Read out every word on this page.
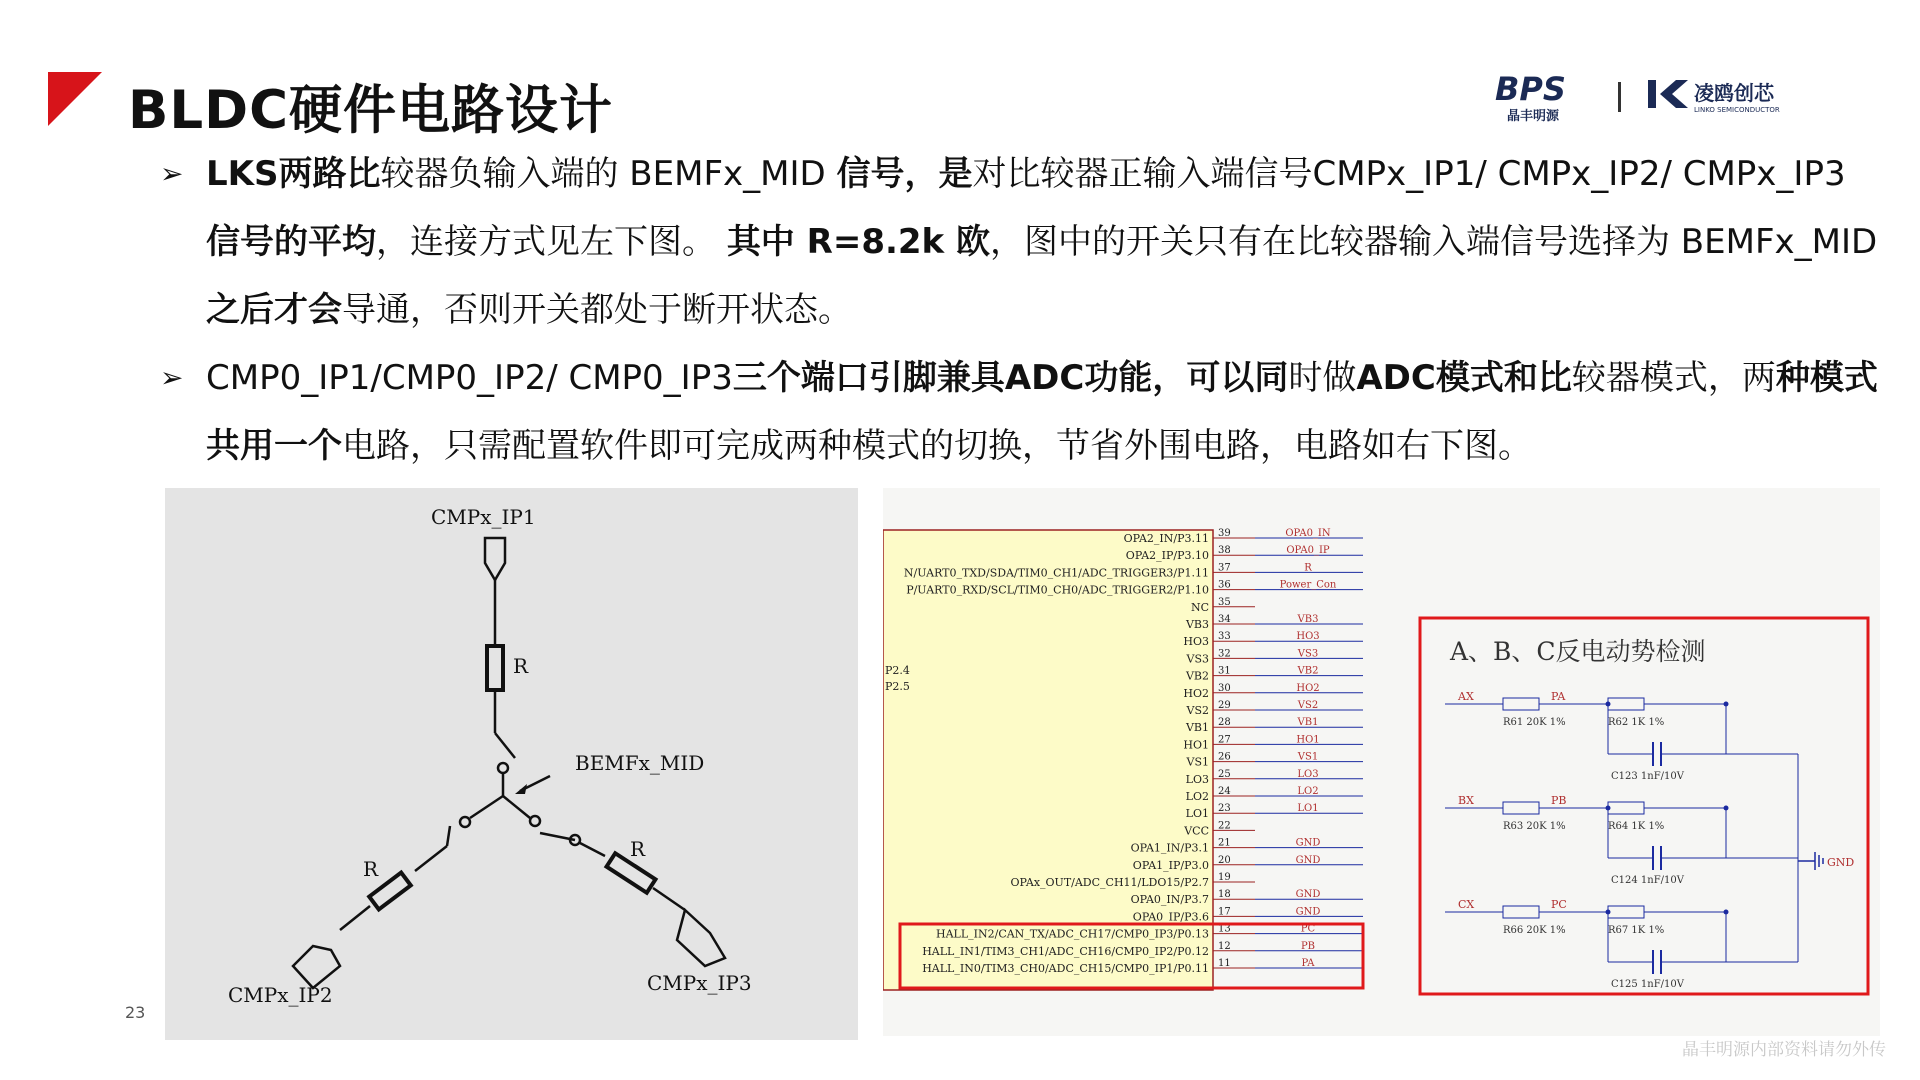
BLDC硬件电路设计	BPS
晶丰明源
凌鸥创芯
LINKO SEMICONDUCTOR
➢ LKS两路比较器负输入端的 BEMFx_MID 信号，是对比较器正输入端信号CMPx_IP1/ CMPx_IP2/ CMPx_IP3 信号的平均，连接方式见左下图。 其中 R=8.2k 欧，图中的开关只有在比较器输入端信号选择为 BEMFx_MID 之后才会导通，否则开关都处于断开状态。
➢ CMP0_IP1/CMP0_IP2/ CMP0_IP3三个端口引脚兼具ADC功能，可以同时做ADC模式和比较器模式，两种模式共用一个电路，只需配置软件即可完成两种模式的切换，节省外围电路，电路如右下图。
CMPx_IP1
R
BEMFx_MID
R
R
CMPx_IP2	CMPx_IP3
OPA2_IN/P3.11 39	OPA0_IN
OPA2_IP/P3.10 38	OPA0_IP
N/UART0_TXD/SDA/TIM0_CH1/ADC_TRIGGER3/P1.11 37	R
P/UART0_RXD/SCL/TIM0_CH0/ADC_TRIGGER2/P1.10 36	Power_Con
NC 35
VB3 34	VB3
HO3 33	HO3
VS3 32	VS3
VB2 31	VB2
HO2 30	HO2
VS2 29	VS2
VB1 28	VB1
HO1 27	HO1
VS1 26	VS1
LO3 25	LO3
LO2 24	LO2
LO1 23	LO1
VCC 22
OPA1_IN/P3.1 21	GND
OPA1_IP/P3.0 20	GND
OPAx_OUT/ADC_CH11/LDO15/P2.7 19
OPA0_IN/P3.7 18	GND
OPA0_IP/P3.6 17	GND
HALL_IN2/CAN_TX/ADC_CH17/CMP0_IP3/P0.13 13	PC
HALL_IN1/TIM3_CH1/ADC_CH16/CMP0_IP2/P0.12 12	PB
HALL_IN0/TIM3_CH0/ADC_CH15/CMP0_IP1/P0.11 11	PA
P2.4
P2.5
A、B、C反电动势检测
AX	PA
R61 20K 1%	R62 1K 1%
C123 1nF/10V
BX	PB
R63 20K 1%	R64 1K 1%
C124 1nF/10V
CX	PC
R66 20K 1%	R67 1K 1%
C125 1nF/10V
GND
23
晶丰明源内部资料请勿外传
